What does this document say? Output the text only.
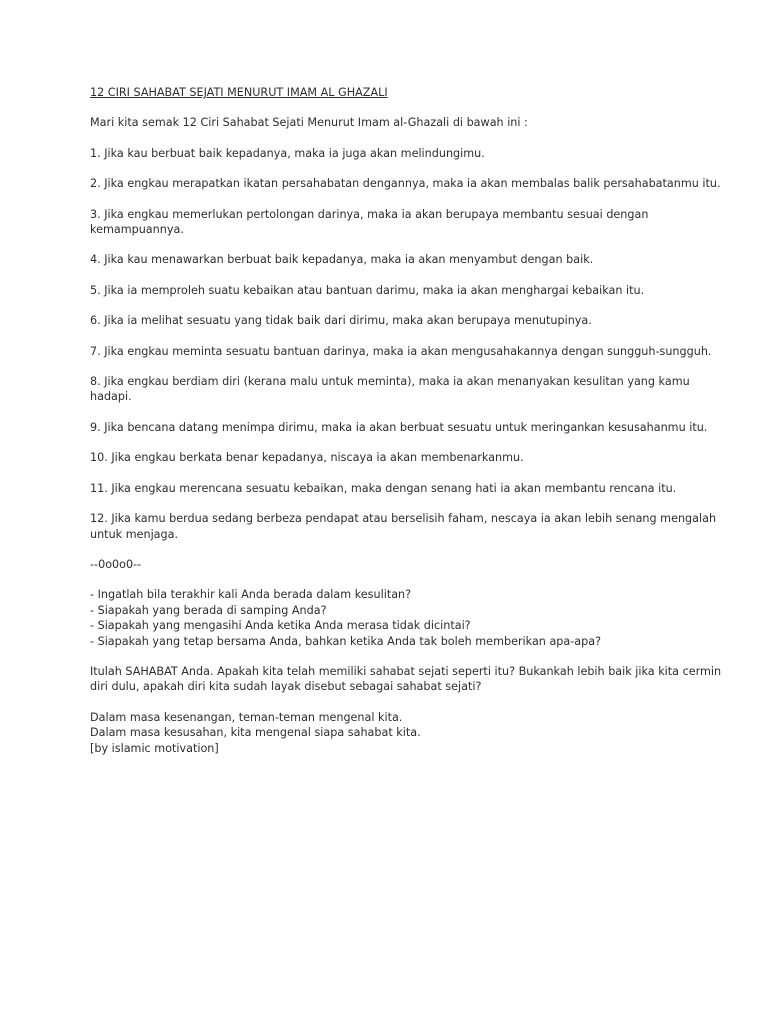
12 CIRI SAHABAT SEJATI MENURUT IMAM AL GHAZALI
Mari kita semak 12 Ciri Sahabat Sejati Menurut Imam al-Ghazali di bawah ini :
1. Jika kau berbuat baik kepadanya, maka ia juga akan melindungimu.
2. Jika engkau merapatkan ikatan persahabatan dengannya, maka ia akan membalas balik persahabatanmu itu.
3. Jika engkau memerlukan pertolongan darinya, maka ia akan berupaya membantu sesuai dengan
kemampuannya.
4. Jika kau menawarkan berbuat baik kepadanya, maka ia akan menyambut dengan baik.
5. Jika ia memproleh suatu kebaikan atau bantuan darimu, maka ia akan menghargai kebaikan itu.
6. Jika ia melihat sesuatu yang tidak baik dari dirimu, maka akan berupaya menutupinya.
7. Jika engkau meminta sesuatu bantuan darinya, maka ia akan mengusahakannya dengan sungguh-sungguh.
8. Jika engkau berdiam diri (kerana malu untuk meminta), maka ia akan menanyakan kesulitan yang kamu
hadapi.
9. Jika bencana datang menimpa dirimu, maka ia akan berbuat sesuatu untuk meringankan kesusahanmu itu.
10. Jika engkau berkata benar kepadanya, niscaya ia akan membenarkanmu.
11. Jika engkau merencana sesuatu kebaikan, maka dengan senang hati ia akan membantu rencana itu.
12. Jika kamu berdua sedang berbeza pendapat atau berselisih faham, nescaya ia akan lebih senang mengalah
untuk menjaga.
--0o0o0--
- Ingatlah bila terakhir kali Anda berada dalam kesulitan?
- Siapakah yang berada di samping Anda?
- Siapakah yang mengasihi Anda ketika Anda merasa tidak dicintai?
- Siapakah yang tetap bersama Anda, bahkan ketika Anda tak boleh memberikan apa-apa?
Itulah SAHABAT Anda. Apakah kita telah memiliki sahabat sejati seperti itu? Bukankah lebih baik jika kita cermin
diri dulu, apakah diri kita sudah layak disebut sebagai sahabat sejati?
Dalam masa kesenangan, teman-teman mengenal kita.
Dalam masa kesusahan, kita mengenal siapa sahabat kita.
[by islamic motivation]
